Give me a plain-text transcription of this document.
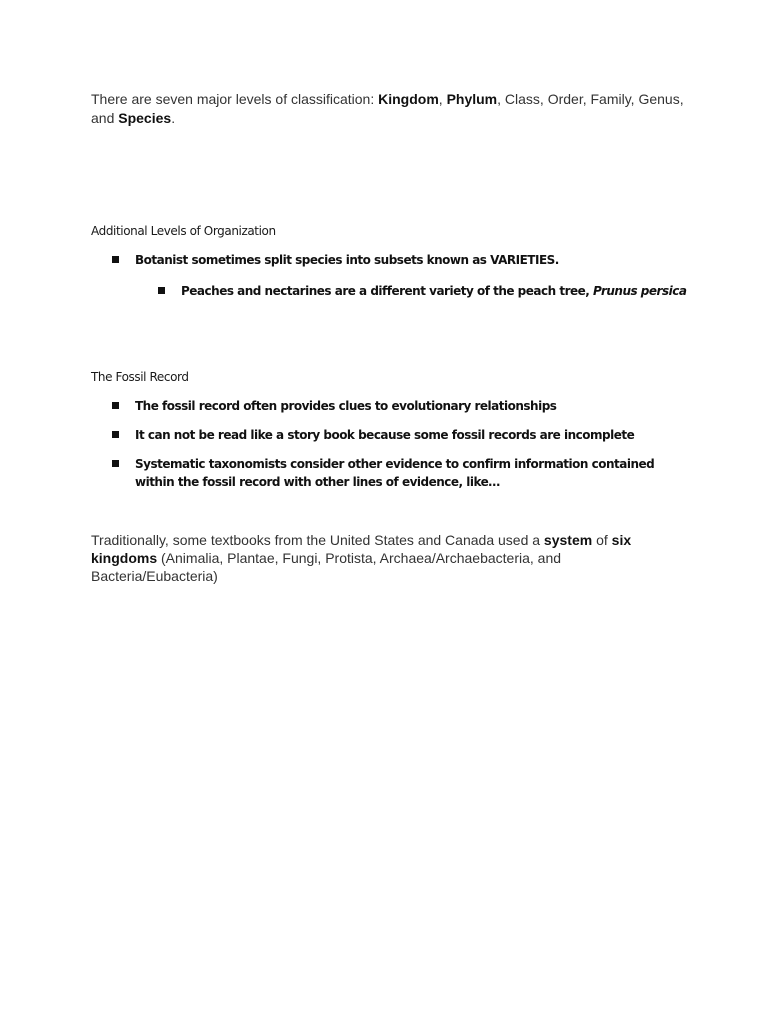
There are seven major levels of classification: Kingdom, Phylum, Class, Order, Family, Genus, and Species.

Additional Levels of Organization
Botanist sometimes split species into subsets known as VARIETIES.
Peaches and nectarines are a different variety of the peach tree, Prunus persica
The Fossil Record
The fossil record often provides clues to evolutionary relationships
It can not be read like a story book because some fossil records are incomplete
Systematic taxonomists consider other evidence to confirm information contained within the fossil record with other lines of evidence, like…

Traditionally, some textbooks from the United States and Canada used a system of six kingdoms (Animalia, Plantae, Fungi, Protista, Archaea/Archaebacteria, and Bacteria/Eubacteria)
